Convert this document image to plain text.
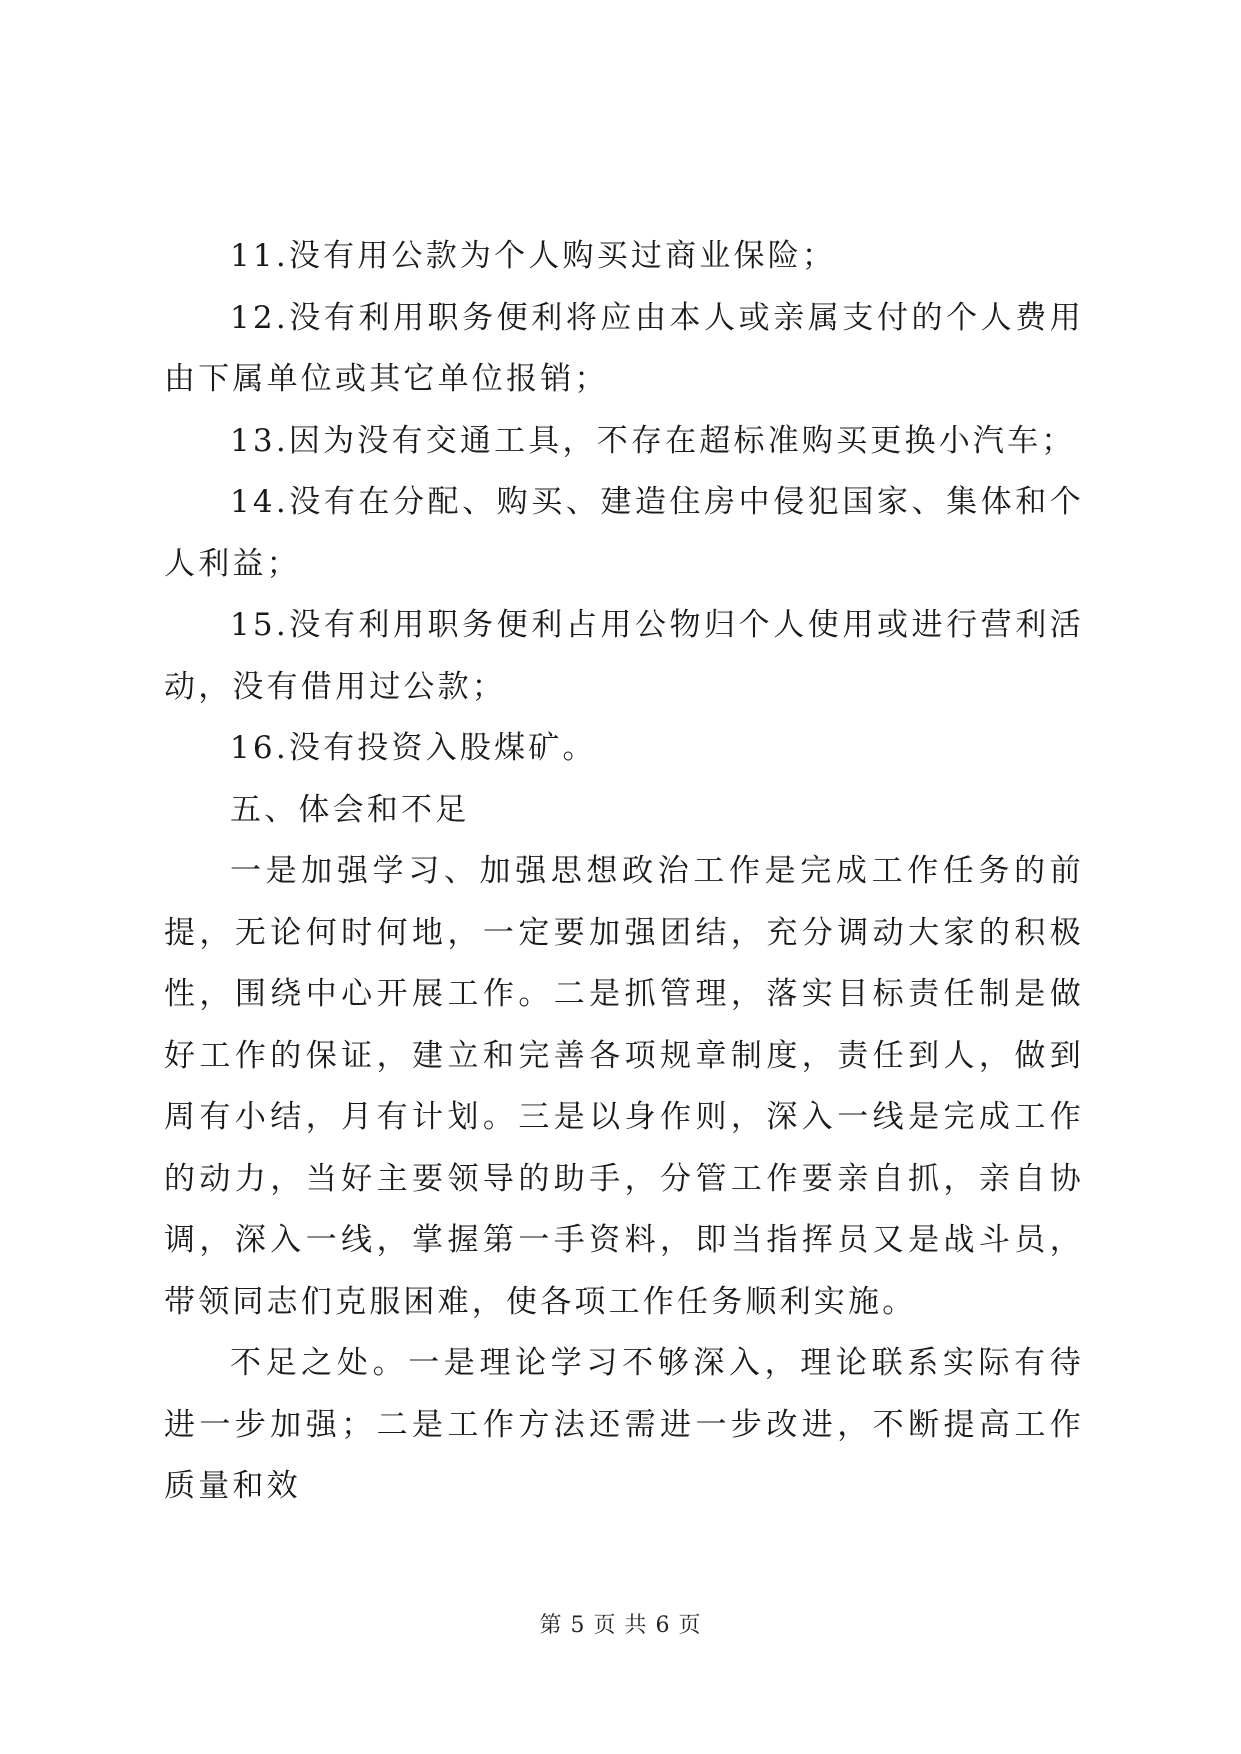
11.没有用公款为个人购买过商业保险；

12.没有利用职务便利将应由本人或亲属支付的个人费用由下属单位或其它单位报销；

13.因为没有交通工具，不存在超标准购买更换小汽车；

14.没有在分配、购买、建造住房中侵犯国家、集体和个人利益；

15.没有利用职务便利占用公物归个人使用或进行营利活动，没有借用过公款；

16.没有投资入股煤矿。

五、体会和不足

一是加强学习、加强思想政治工作是完成工作任务的前提，无论何时何地，一定要加强团结，充分调动大家的积极性，围绕中心开展工作。二是抓管理，落实目标责任制是做好工作的保证，建立和完善各项规章制度，责任到人，做到周有小结，月有计划。三是以身作则，深入一线是完成工作的动力，当好主要领导的助手，分管工作要亲自抓，亲自协调，深入一线，掌握第一手资料，即当指挥员又是战斗员，带领同志们克服困难，使各项工作任务顺利实施。

不足之处。一是理论学习不够深入，理论联系实际有待进一步加强；二是工作方法还需进一步改进，不断提高工作质量和效

第 5 页 共 6 页
